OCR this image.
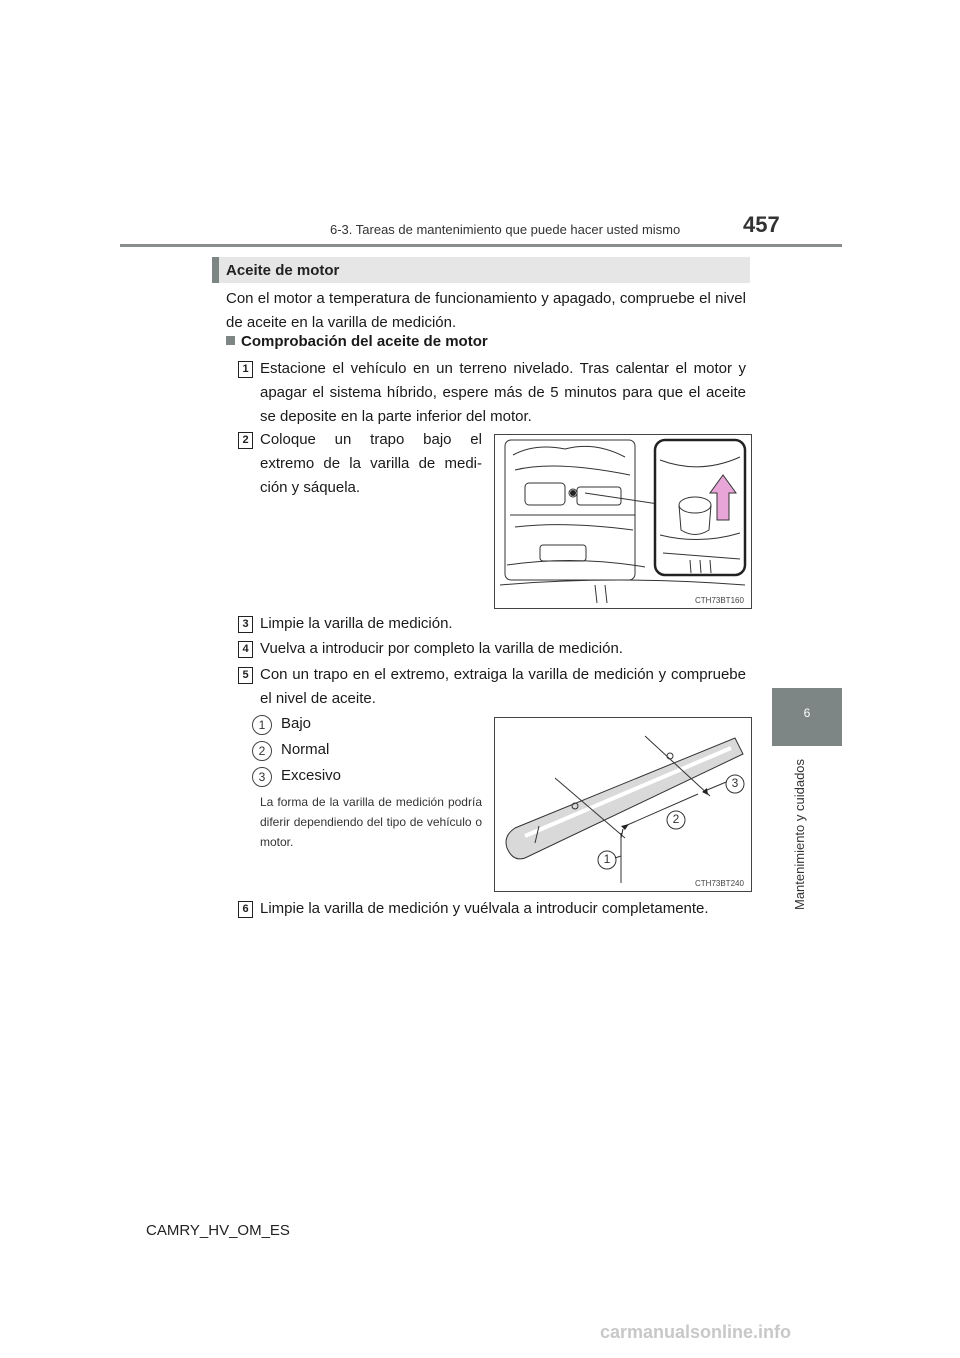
6-3. Tareas de mantenimiento que puede hacer usted mismo	457
6
Mantenimiento y cuidados
Aceite de motor
Con el motor a temperatura de funcionamiento y apagado, compruebe el nivel de aceite en la varilla de medición.
Comprobación del aceite de motor
1 Estacione el vehículo en un terreno nivelado. Tras calentar el motor y apagar el sistema híbrido, espere más de 5 minutos para que el aceite se deposite en la parte inferior del motor.
2 Coloque un trapo bajo el
extremo de la varilla de medi-
ción y sáquela.
CTH73BT160
3 Limpie la varilla de medición.
4 Vuelva a introducir por completo la varilla de medición.
5 Con un trapo en el extremo, extraiga la varilla de medición y compruebe el nivel de aceite.
1	Bajo
2	Normal
3	Excesivo
La forma de la varilla de medición podría diferir dependiendo del tipo de vehículo o motor.
1
2
3
CTH73BT240
6 Limpie la varilla de medición y vuélvala a introducir completamente.
CAMRY_HV_OM_ES
carmanualsonline.info
